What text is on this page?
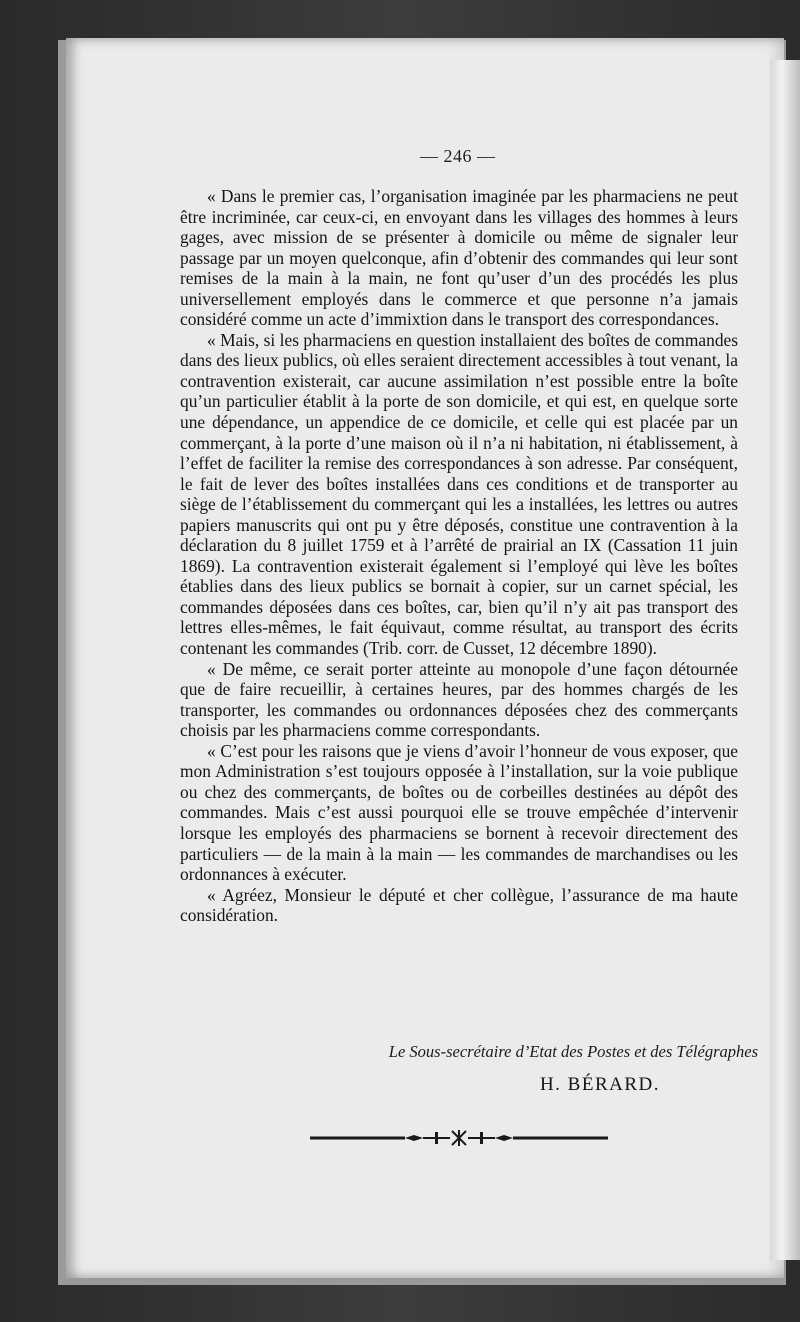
— 246 —

« Dans le premier cas, l’organisation imaginée par les pharmaciens ne peut être incriminée, car ceux-ci, en envoyant dans les villages des hommes à leurs gages, avec mission de se présenter à domicile ou même de signaler leur passage par un moyen quelconque, afin d’obtenir des commandes qui leur sont remises de la main à la main, ne font qu’user d’un des procédés les plus universellement employés dans le commerce et que personne n’a jamais considéré comme un acte d’immixtion dans le transport des correspondances.

« Mais, si les pharmaciens en question installaient des boîtes de commandes dans des lieux publics, où elles seraient directement accessibles à tout venant, la contravention existerait, car aucune assimilation n’est possible entre la boîte qu’un particulier établit à la porte de son domicile, et qui est, en quelque sorte une dépendance, un appendice de ce domicile, et celle qui est placée par un commerçant, à la porte d’une maison où il n’a ni habitation, ni établissement, à l’effet de faciliter la remise des correspondances à son adresse. Par conséquent, le fait de lever des boîtes installées dans ces conditions et de transporter au siège de l’établissement du commerçant qui les a installées, les lettres ou autres papiers manuscrits qui ont pu y être déposés, constitue une contravention à la déclaration du 8 juillet 1759 et à l’arrêté de prairial an IX (Cassation 11 juin 1869). La contravention existerait également si l’employé qui lève les boîtes établies dans des lieux publics se bornait à copier, sur un carnet spécial, les commandes déposées dans ces boîtes, car, bien qu’il n’y ait pas transport des lettres elles-mêmes, le fait équivaut, comme résultat, au transport des écrits contenant les commandes (Trib. corr. de Cusset, 12 décembre 1890).

« De même, ce serait porter atteinte au monopole d’une façon détournée que de faire recueillir, à certaines heures, par des hommes chargés de les transporter, les commandes ou ordonnances déposées chez des commerçants choisis par les pharmaciens comme correspondants.

« C’est pour les raisons que je viens d’avoir l’honneur de vous exposer, que mon Administration s’est toujours opposée à l’installation, sur la voie publique ou chez des commerçants, de boîtes ou de corbeilles destinées au dépôt des commandes. Mais c’est aussi pourquoi elle se trouve empêchée d’intervenir lorsque les employés des pharmaciens se bornent à recevoir directement des particuliers — de la main à la main — les commandes de marchandises ou les ordonnances à exécuter.

« Agréez, Monsieur le député et cher collègue, l’assurance de ma haute considération.

Le Sous-secrétaire d’Etat des Postes et des Télégraphes
H. BÉRARD.
